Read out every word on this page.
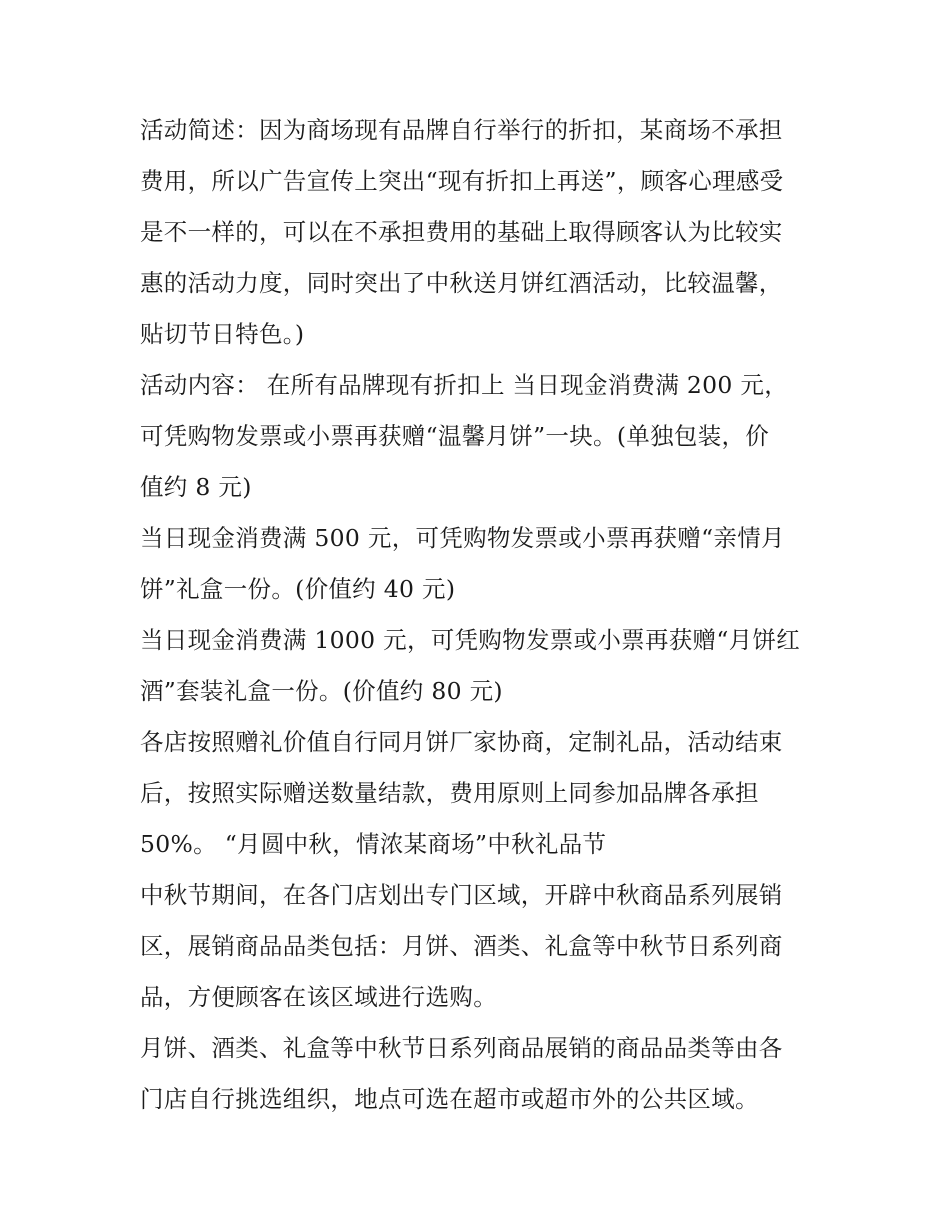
活动简述：因为商场现有品牌自行举行的折扣，某商场不承担
费用，所以广告宣传上突出“现有折扣上再送”，顾客心理感受
是不一样的，可以在不承担费用的基础上取得顾客认为比较实
惠的活动力度，同时突出了中秋送月饼红酒活动，比较温馨，
贴切节日特色。)

活动内容： 在所有品牌现有折扣上 当日现金消费满 200 元，
可凭购物发票或小票再获赠“温馨月饼”一块。(单独包装，价
值约 8 元)

当日现金消费满 500 元，可凭购物发票或小票再获赠“亲情月
饼”礼盒一份。(价值约 40 元)

当日现金消费满 1000 元，可凭购物发票或小票再获赠“月饼红
酒”套装礼盒一份。(价值约 80 元)

各店按照赠礼价值自行同月饼厂家协商，定制礼品，活动结束
后，按照实际赠送数量结款，费用原则上同参加品牌各承担
50%。 “月圆中秋，情浓某商场”中秋礼品节

中秋节期间，在各门店划出专门区域，开辟中秋商品系列展销
区，展销商品品类包括：月饼、酒类、礼盒等中秋节日系列商
品，方便顾客在该区域进行选购。

月饼、酒类、礼盒等中秋节日系列商品展销的商品品类等由各
门店自行挑选组织，地点可选在超市或超市外的公共区域。
